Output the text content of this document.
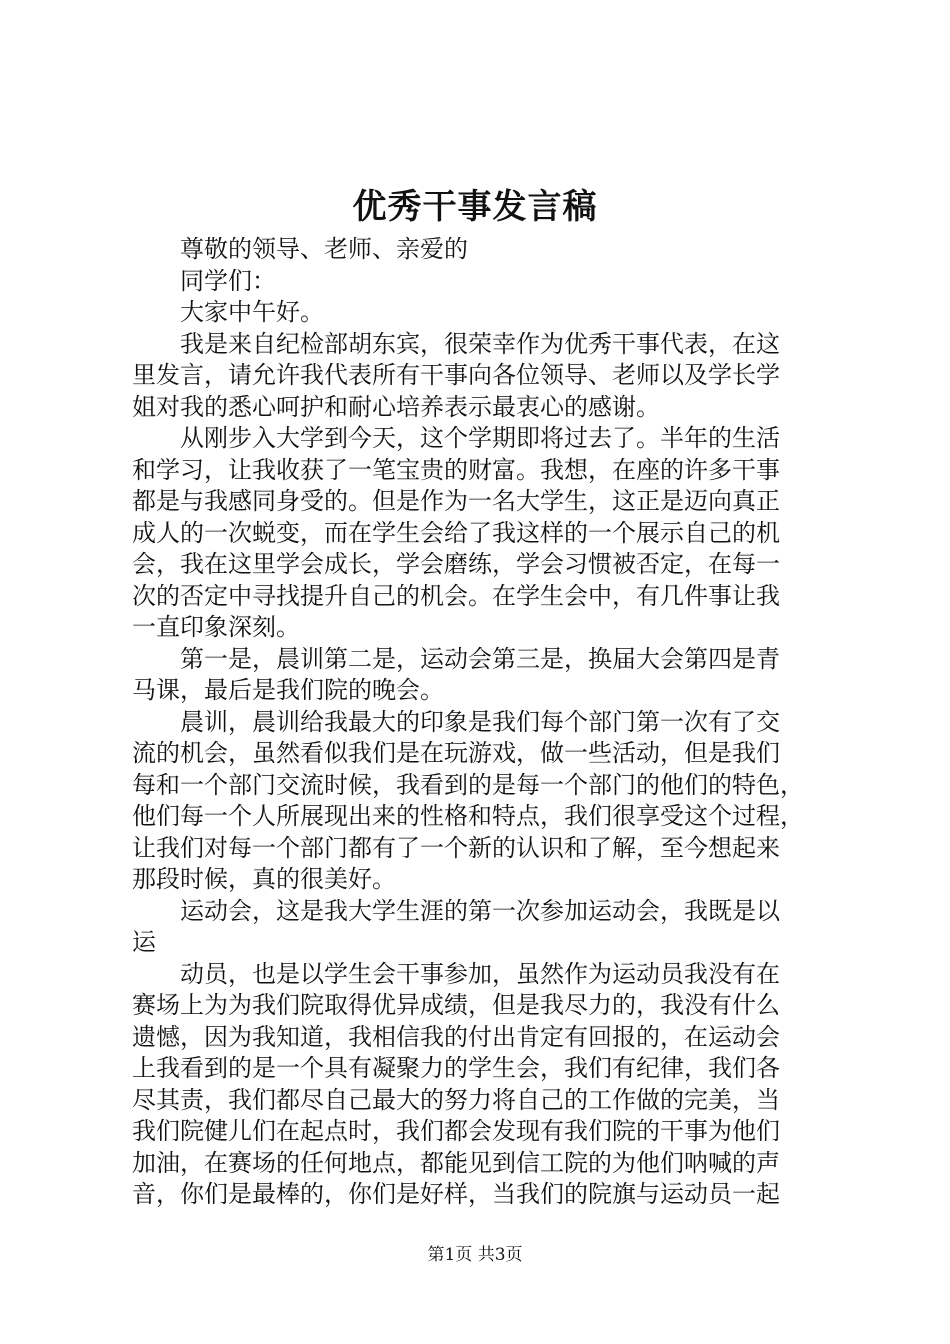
优秀干事发言稿
尊敬的领导、老师、亲爱的
同学们：
大家中午好。
我是来自纪检部胡东宾，很荣幸作为优秀干事代表，在这
里发言，请允许我代表所有干事向各位领导、老师以及学长学
姐对我的悉心呵护和耐心培养表示最衷心的感谢。
从刚步入大学到今天，这个学期即将过去了。半年的生活
和学习，让我收获了一笔宝贵的财富。我想，在座的许多干事
都是与我感同身受的。但是作为一名大学生，这正是迈向真正
成人的一次蜕变，而在学生会给了我这样的一个展示自己的机
会，我在这里学会成长，学会磨练，学会习惯被否定，在每一
次的否定中寻找提升自己的机会。在学生会中，有几件事让我
一直印象深刻。
第一是，晨训第二是，运动会第三是，换届大会第四是青
马课，最后是我们院的晚会。
晨训，晨训给我最大的印象是我们每个部门第一次有了交
流的机会，虽然看似我们是在玩游戏，做一些活动，但是我们
每和一个部门交流时候，我看到的是每一个部门的他们的特色，
他们每一个人所展现出来的性格和特点，我们很享受这个过程，
让我们对每一个部门都有了一个新的认识和了解，至今想起来
那段时候，真的很美好。
运动会，这是我大学生涯的第一次参加运动会，我既是以
运
动员，也是以学生会干事参加，虽然作为运动员我没有在
赛场上为为我们院取得优异成绩，但是我尽力的，我没有什么
遗憾，因为我知道，我相信我的付出肯定有回报的，在运动会
上我看到的是一个具有凝聚力的学生会，我们有纪律，我们各
尽其责，我们都尽自己最大的努力将自己的工作做的完美，当
我们院健儿们在起点时，我们都会发现有我们院的干事为他们
加油，在赛场的任何地点，都能见到信工院的为他们呐喊的声
音，你们是最棒的，你们是好样，当我们的院旗与运动员一起
第1页 共3页
